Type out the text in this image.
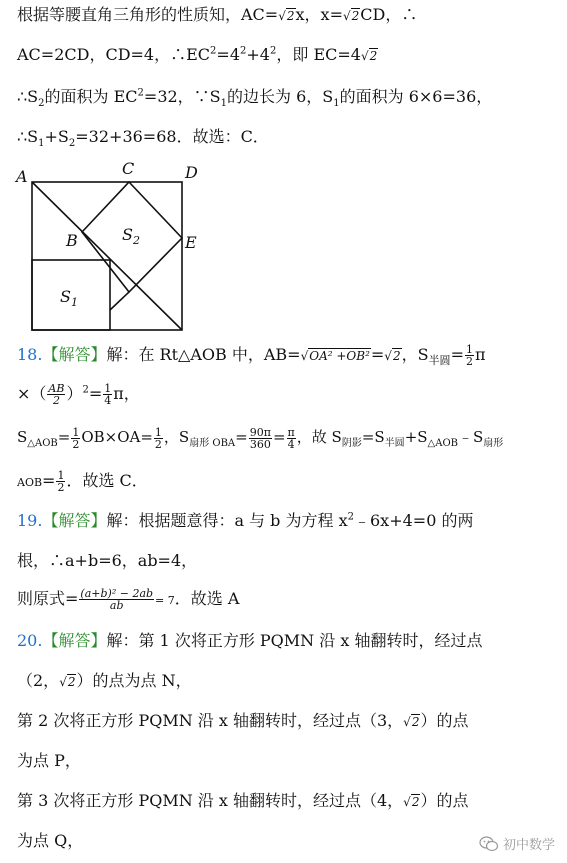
根据等腰直角三角形的性质知，AC=√2x，x=√2CD，∴
AC=2CD，CD=4，$\therefore EC^2=4^2+4^2$，即 EC=4√2
$\therefore S_2$的面积为 $EC^2=32$，$\because S_1$的边长为 6，$S_1$的面积为 6×6=36，
$\therefore S_1+S_2=32+36=68$．故选：C．
A	C	D
B	E
$S_2$
$S_1$
18.【解答】解：在 Rt△AOB 中，AB=√OA² +OB²=√2，$S_{半圆}= \frac{1}{2}$ π
×（ $\frac{AB}{2} )^2= \frac{1}{4}$ π，
$S_{\triangle AOB}= \frac{1}{2} OB\times OA= \frac{1}{2}$ ，$S_{扇形 OBA}= \frac{90\pi}{360} = \frac{\pi}{4}$ ，故 $S_{阴影}=S_{半圆}+S_{\triangle AOB}﹣S_{扇形}$
$AOB= \frac{1}{2}$ ．故选 C．
19.【解答】解：根据题意得：a 与 b 为方程 $x^2﹣6x+4=0$ 的两
根，∴a+b=6，ab=4，
则原式= $\frac{\text{(a+b)² − 2ab}}{ab} = 7$．故选 A
20.【解答】解：第 1 次将正方形 PQMN 沿 x 轴翻转时，经过点
（2，√2）的点为点 N，
第 2 次将正方形 PQMN 沿 x 轴翻转时，经过点（3，√2）的点
为点 P，
第 3 次将正方形 PQMN 沿 x 轴翻转时，经过点（4，√2）的点
为点 Q，	初中数学
